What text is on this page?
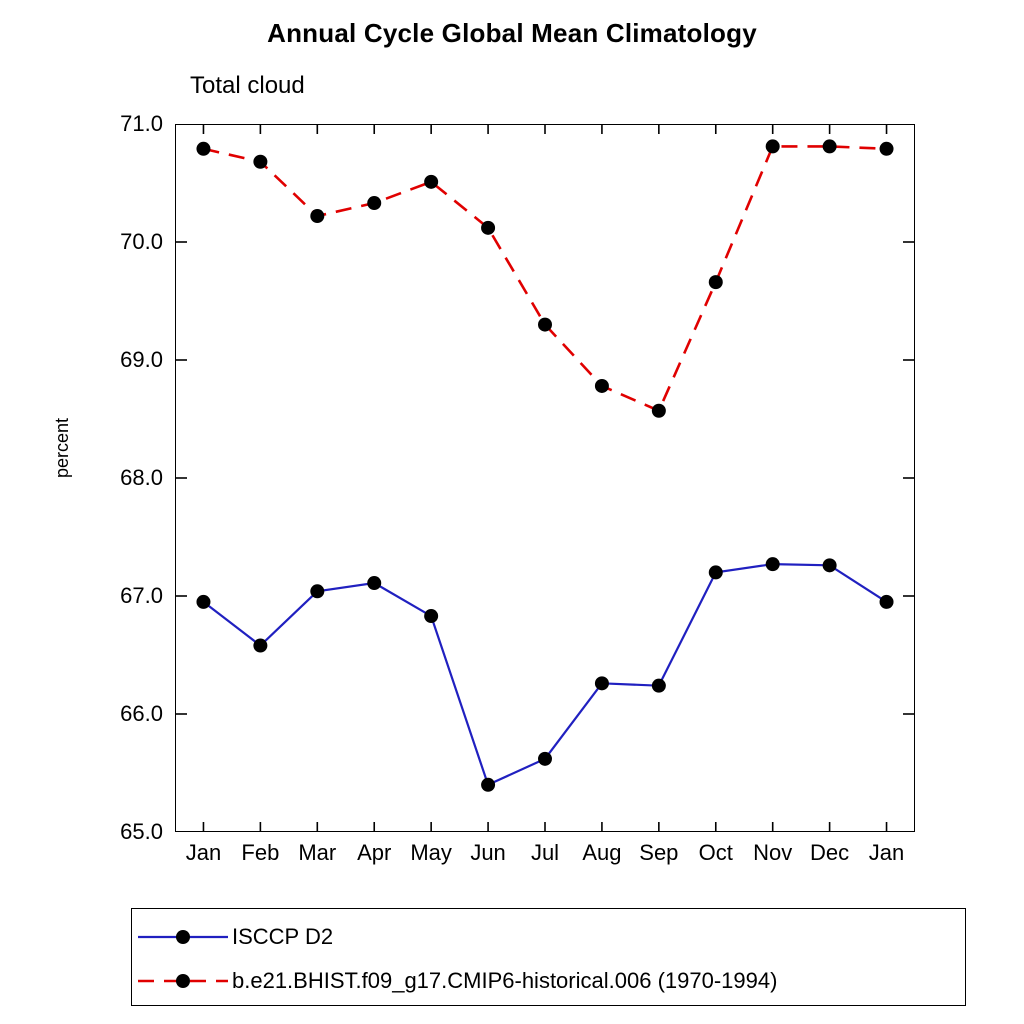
Annual Cycle Global Mean Climatology
Total cloud
percent
65.0
66.0
67.0
68.0
69.0
70.0
71.0
Jan Feb Mar Apr May Jun Jul Aug Sep Oct Nov Dec Jan
ISCCP D2
b.e21.BHIST.f09_g17.CMIP6-historical.006 (1970-1994)
